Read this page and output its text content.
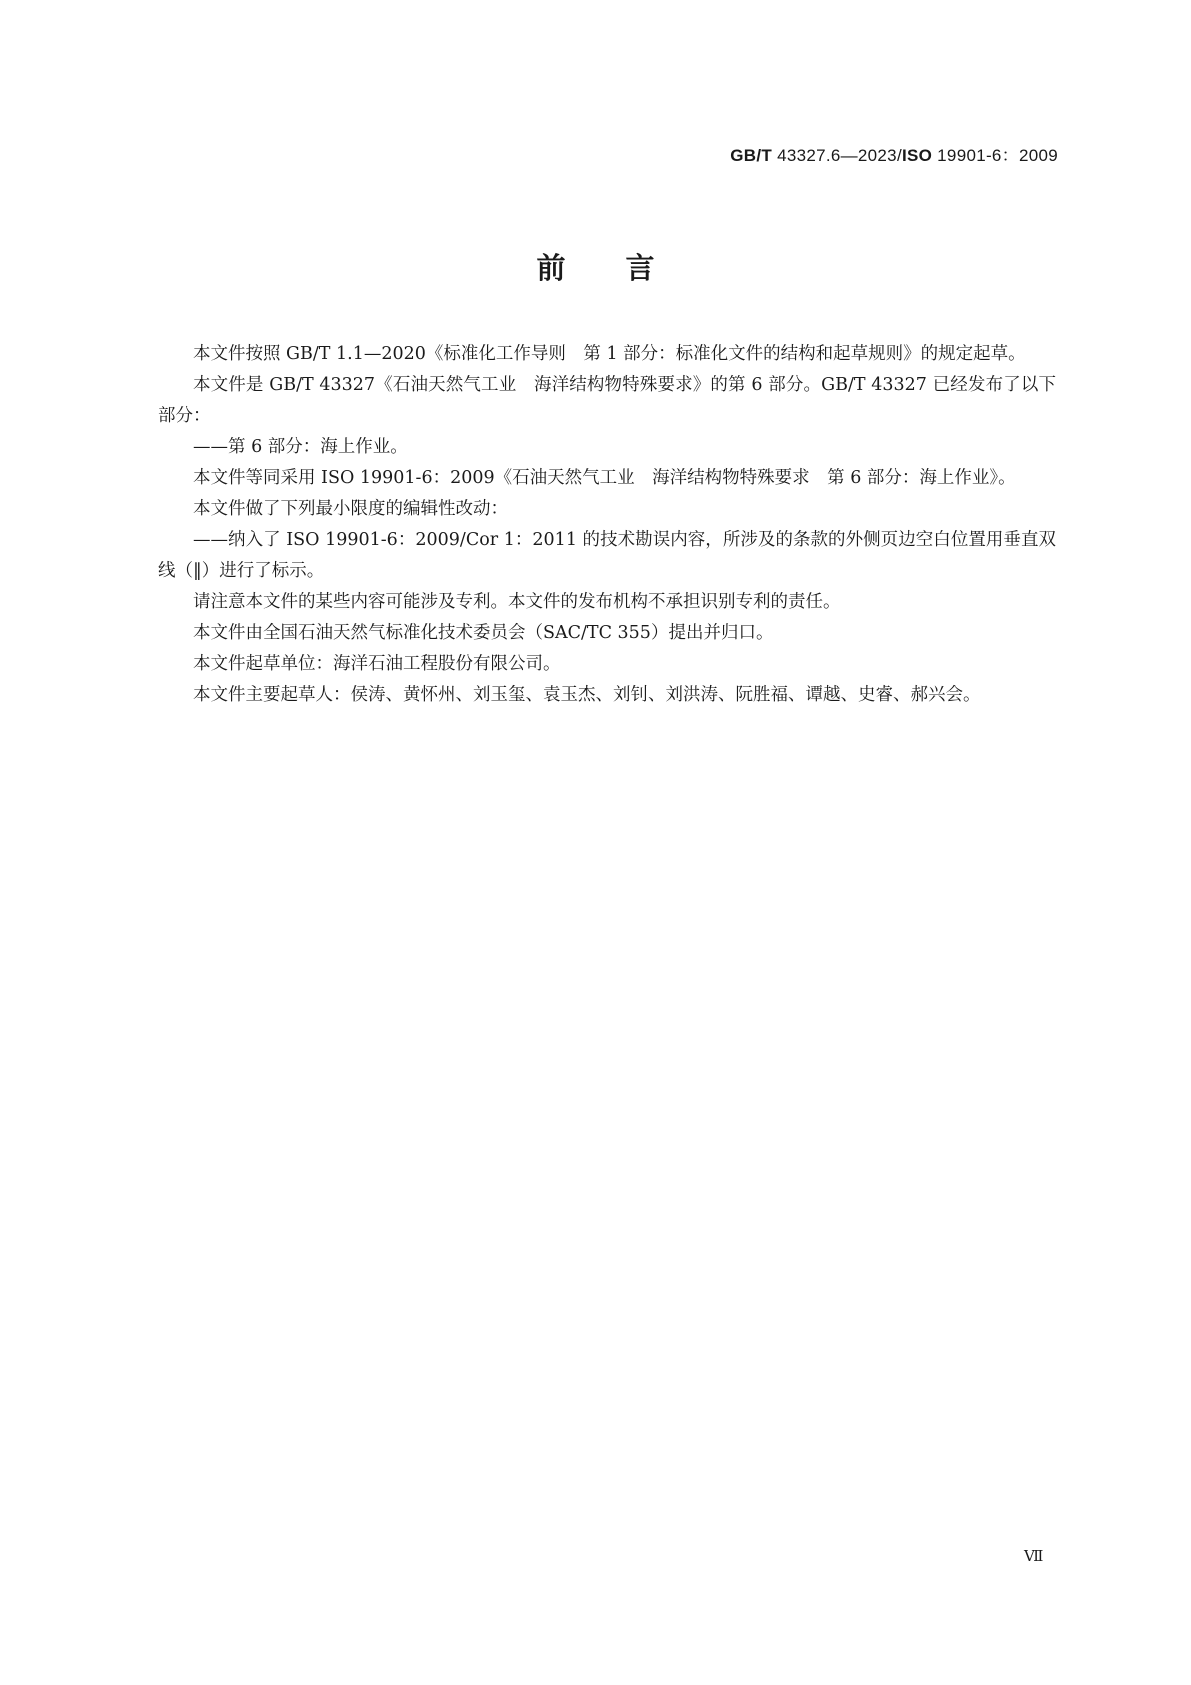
GB/T 43327.6—2023/ISO 19901-6：2009
前言

本文件按照 GB/T 1.1—2020《标准化工作导则　第 1 部分：标准化文件的结构和起草规则》的规定起草。

本文件是 GB/T 43327《石油天然气工业　海洋结构物特殊要求》的第 6 部分。GB/T 43327 已经发布了以下部分：

——第 6 部分：海上作业。

本文件等同采用 ISO 19901-6：2009《石油天然气工业　海洋结构物特殊要求　第 6 部分：海上作业》。

本文件做了下列最小限度的编辑性改动：

——纳入了 ISO 19901-6：2009/Cor 1：2011 的技术勘误内容，所涉及的条款的外侧页边空白位置用垂直双线（‖）进行了标示。

请注意本文件的某些内容可能涉及专利。本文件的发布机构不承担识别专利的责任。

本文件由全国石油天然气标准化技术委员会（SAC/TC 355）提出并归口。

本文件起草单位：海洋石油工程股份有限公司。

本文件主要起草人：侯涛、黄怀州、刘玉玺、袁玉杰、刘钊、刘洪涛、阮胜福、谭越、史睿、郝兴会。

Ⅶ
